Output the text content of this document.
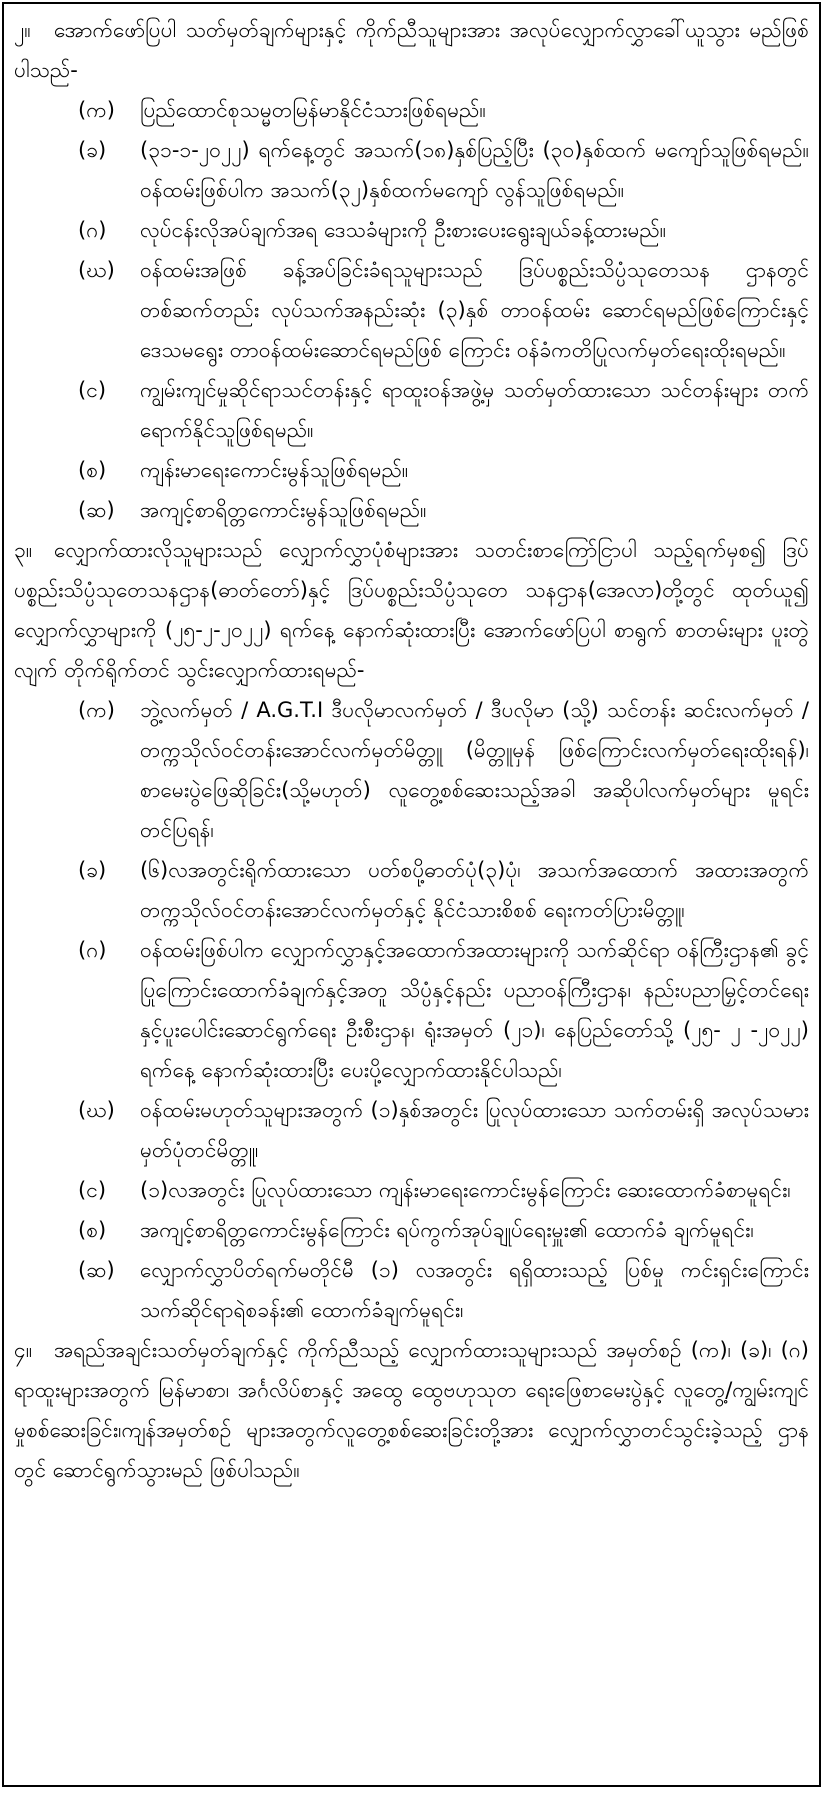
၂။ အောက်ဖော်ပြပါ သတ်မှတ်ချက်များနှင့် ကိုက်ညီသူများအား အလုပ်လျှောက်လွှာခေါ်ယူသွား မည်ဖြစ်ပါသည်-

(က)	ပြည်ထောင်စုသမ္မတမြန်မာနိုင်ငံသားဖြစ်ရမည်။
(ခ)	(၃၁-၁-၂၀၂၂) ရက်နေ့တွင် အသက်(၁၈)နှစ်ပြည့်ပြီး (၃၀)နှစ်ထက် မကျော်သူဖြစ်ရမည်။ ဝန်ထမ်းဖြစ်ပါက အသက်(၃၂)နှစ်ထက်မကျော် လွန်သူဖြစ်ရမည်။
(ဂ)	လုပ်ငန်းလိုအပ်ချက်အရ ဒေသခံများကို ဦးစားပေးရွေးချယ်ခန့်ထားမည်။
(ဃ)	ဝန်ထမ်းအဖြစ် ခန့်အပ်ခြင်းခံရသူများသည် ဒြပ်ပစ္စည်းသိပ္ပံသုတေသန ဌာနတွင် တစ်ဆက်တည်း လုပ်သက်အနည်းဆုံး (၃)နှစ် တာဝန်ထမ်း ဆောင်ရမည်ဖြစ်ကြောင်းနှင့် ဒေသမရွေး တာဝန်ထမ်းဆောင်ရမည်ဖြစ် ကြောင်း ဝန်ခံကတိပြုလက်မှတ်ရေးထိုးရမည်။
(င)	ကျွမ်းကျင်မှုဆိုင်ရာသင်တန်းနှင့် ရာထူးဝန်အဖွဲ့မှ သတ်မှတ်ထားသော သင်တန်းများ တက်ရောက်နိုင်သူဖြစ်ရမည်။
(စ)	ကျန်းမာရေးကောင်းမွန်သူဖြစ်ရမည်။
(ဆ)	အကျင့်စာရိတ္တကောင်းမွန်သူဖြစ်ရမည်။

၃။ လျှောက်ထားလိုသူများသည် လျှောက်လွှာပုံစံများအား သတင်းစာကြော်ငြာပါ သည့်ရက်မှစ၍ ဒြပ်ပစ္စည်းသိပ္ပံသုတေသနဌာန(ဓာတ်တော်)နှင့် ဒြပ်ပစ္စည်းသိပ္ပံသုတေ သနဌာန(အေလာ)တို့တွင် ထုတ်ယူ၍ လျှောက်လွှာများကို (၂၅-၂-၂၀၂၂) ရက်နေ့ နောက်ဆုံးထားပြီး အောက်ဖော်ပြပါ စာရွက် စာတမ်းများ ပူးတွဲလျက် တိုက်ရိုက်တင် သွင်းလျှောက်ထားရမည်-

(က)	ဘွဲ့လက်မှတ် / A.G.T.I ဒီပလိုမာလက်မှတ် / ဒီပလိုမာ (သို့) သင်တန်း ဆင်းလက်မှတ် / တက္ကသိုလ်ဝင်တန်းအောင်လက်မှတ်မိတ္တူ (မိတ္တူမှန် ဖြစ်ကြောင်းလက်မှတ်ရေးထိုးရန်)၊ စာမေးပွဲဖြေဆိုခြင်း(သို့မဟုတ်) လူတွေ့စစ်ဆေးသည့်အခါ အဆိုပါလက်မှတ်များ မူရင်းတင်ပြရန်၊
(ခ)	(၆)လအတွင်းရိုက်ထားသော ပတ်စပို့ဓာတ်ပုံ(၃)ပုံ၊ အသက်အထောက် အထားအတွက် တက္ကသိုလ်ဝင်တန်းအောင်လက်မှတ်နှင့် နိုင်ငံသားစိစစ် ရေးကတ်ပြားမိတ္တူ၊
(ဂ)	ဝန်ထမ်းဖြစ်ပါက လျှောက်လွှာနှင့်အထောက်အထားများကို သက်ဆိုင်ရာ ဝန်ကြီးဌာန၏ ခွင့်ပြုကြောင်းထောက်ခံချက်နှင့်အတူ သိပ္ပံနှင့်နည်း ပညာဝန်ကြီးဌာန၊ နည်းပညာမြှင့်တင်ရေးနှင့်ပူးပေါင်းဆောင်ရွက်ရေး ဦးစီးဌာန၊ ရုံးအမှတ် (၂၁)၊ နေပြည်တော်သို့ (၂၅- ၂ -၂၀၂၂) ရက်နေ့ နောက်ဆုံးထားပြီး ပေးပို့လျှောက်ထားနိုင်ပါသည်၊
(ဃ)	ဝန်ထမ်းမဟုတ်သူများအတွက် (၁)နှစ်အတွင်း ပြုလုပ်ထားသော သက်တမ်းရှိ အလုပ်သမားမှတ်ပုံတင်မိတ္တူ၊
(င)	(၁)လအတွင်း ပြုလုပ်ထားသော ကျန်းမာရေးကောင်းမွန်ကြောင်း ဆေးထောက်ခံစာမူရင်း၊
(စ)	အကျင့်စာရိတ္တကောင်းမွန်ကြောင်း ရပ်ကွက်အုပ်ချုပ်ရေးမှူး၏ ထောက်ခံ ချက်မူရင်း၊
(ဆ)	လျှောက်လွှာပိတ်ရက်မတိုင်မီ (၁) လအတွင်း ရရှိထားသည့် ပြစ်မှု ကင်းရှင်းကြောင်း သက်ဆိုင်ရာရဲစခန်း၏ ထောက်ခံချက်မူရင်း၊

၄။ အရည်အချင်းသတ်မှတ်ချက်နှင့် ကိုက်ညီသည့် လျှောက်ထားသူများသည် အမှတ်စဉ် (က)၊ (ခ)၊ (ဂ) ရာထူးများအတွက် မြန်မာစာ၊ အင်္ဂလိပ်စာနှင့် အထွေ ထွေဗဟုသုတ ရေးဖြေစာမေးပွဲနှင့် လူတွေ့/ကျွမ်းကျင်မှုစစ်ဆေးခြင်း၊ကျန်အမှတ်စဉ် များအတွက်လူတွေ့စစ်ဆေးခြင်းတို့အား လျှောက်လွှာတင်သွင်းခဲ့သည့် ဌာနတွင် ဆောင်ရွက်သွားမည် ဖြစ်ပါသည်။
